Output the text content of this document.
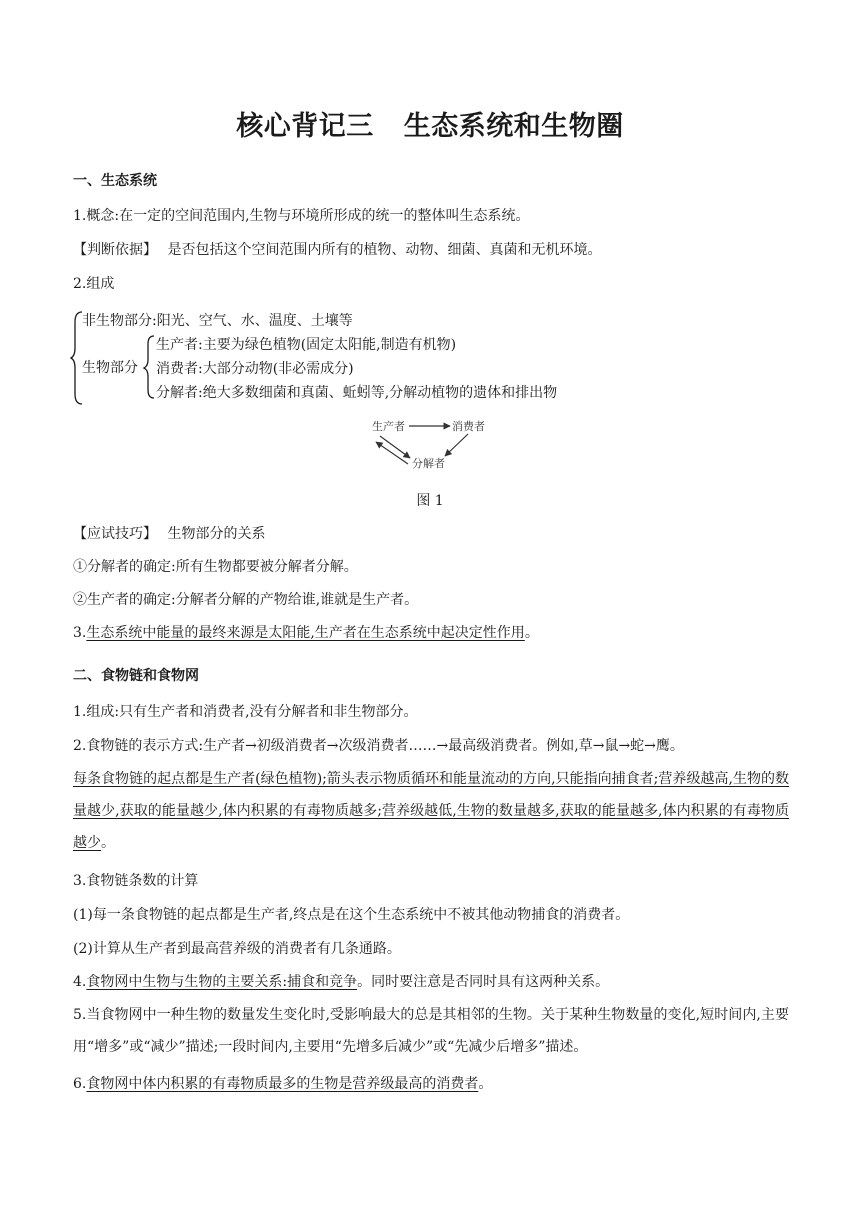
核心背记三 生态系统和生物圈
一、生态系统
1.概念:在一定的空间范围内,生物与环境所形成的统一的整体叫生态系统。
【判断依据】 是否包括这个空间范围内所有的植物、动物、细菌、真菌和无机环境。
2.组成
非生物部分:阳光、空气、水、温度、土壤等
生物部分
生产者:主要为绿色植物(固定太阳能,制造有机物)
消费者:大部分动物(非必需成分)
分解者:绝大多数细菌和真菌、蚯蚓等,分解动植物的遗体和排出物
生产者	消费者
分解者
图 1
【应试技巧】 生物部分的关系
①分解者的确定:所有生物都要被分解者分解。
②生产者的确定:分解者分解的产物给谁,谁就是生产者。
3.生态系统中能量的最终来源是太阳能,生产者在生态系统中起决定性作用。
二、食物链和食物网
1.组成:只有生产者和消费者,没有分解者和非生物部分。
2.食物链的表示方式:生产者→初级消费者→次级消费者……→最高级消费者。例如,草→鼠→蛇→鹰。
每条食物链的起点都是生产者(绿色植物);箭头表示物质循环和能量流动的方向,只能指向捕食者;营养级越高,生物的数量越少,获取的能量越少,体内积累的有毒物质越多;营养级越低,生物的数量越多,获取的能量越多,体内积累的有毒物质越少。
3.食物链条数的计算
(1)每一条食物链的起点都是生产者,终点是在这个生态系统中不被其他动物捕食的消费者。
(2)计算从生产者到最高营养级的消费者有几条通路。
4.食物网中生物与生物的主要关系:捕食和竞争。同时要注意是否同时具有这两种关系。
5.当食物网中一种生物的数量发生变化时,受影响最大的总是其相邻的生物。关于某种生物数量的变化,短时间内,主要用“增多”或“减少”描述;一段时间内,主要用“先增多后减少”或“先减少后增多”描述。
6.食物网中体内积累的有毒物质最多的生物是营养级最高的消费者。
